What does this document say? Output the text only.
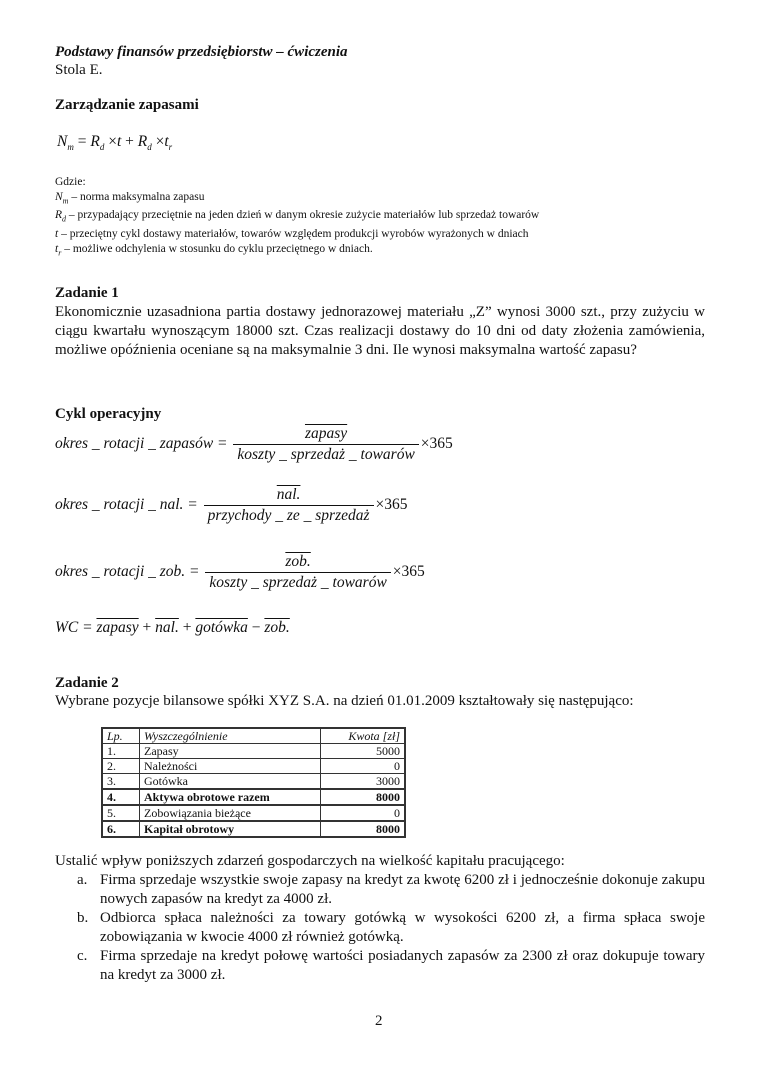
Podstawy finansów przedsiębiorstw – ćwiczenia
Stola E.
Zarządzanie zapasami
$N_m = R_d \times t + R_d \times t_r$
Gdzie:
$N_m$ – norma maksymalna zapasu
$R_d$ – przypadający przeciętnie na jeden dzień w danym okresie zużycie materiałów lub sprzedaż towarów
t – przeciętny cykl dostawy materiałów, towarów względem produkcji wyrobów wyrażonych w dniach
$t_r$ – możliwe odchylenia w stosunku do cyklu przeciętnego w dniach.
Zadanie 1
Ekonomicznie uzasadniona partia dostawy jednorazowej materiału „Z” wynosi 3000 szt., przy zużyciu w ciągu kwartału wynoszącym 18000 szt. Czas realizacji dostawy do 10 dni od daty złożenia zamówienia, możliwe opóźnienia oceniane są na maksymalnie 3 dni. Ile wynosi maksymalna wartość zapasu?
Cykl operacyjny
okres _ rotacji _ zapasów = $\frac{\text{zapasy}}{\text{koszty \_ sprzedaż \_ towarów}} \times 365$
okres _ rotacji _ nal. = $\frac{\text{nal.}}{\text{przychody \_ ze \_ sprzedaż}} \times 365$
okres _ rotacji _ zob. = $\frac{\text{zob.}}{\text{koszty \_ sprzedaż \_ towarów}} \times 365$
WC = zapasy + nal. + gotówka − zob.
Zadanie 2
Wybrane pozycje bilansowe spółki XYZ S.A. na dzień 01.01.2009 kształtowały się następująco:
Lp.	Wyszczególnienie	Kwota [zł]
1.	Zapasy	5000
2.	Należności	0
3.	Gotówka	3000
4.	Aktywa obrotowe razem	8000
5.	Zobowiązania bieżące	0
6.	Kapitał obrotowy	8000
Ustalić wpływ poniższych zdarzeń gospodarczych na wielkość kapitału pracującego:
a. Firma sprzedaje wszystkie swoje zapasy na kredyt za kwotę 6200 zł i jednocześnie dokonuje zakupu nowych zapasów na kredyt za 4000 zł.
b. Odbiorca spłaca należności za towary gotówką w wysokości 6200 zł, a firma spłaca swoje zobowiązania w kwocie 4000 zł również gotówką.
c. Firma sprzedaje na kredyt połowę wartości posiadanych zapasów za 2300 zł oraz dokupuje towary na kredyt za 3000 zł.
2
